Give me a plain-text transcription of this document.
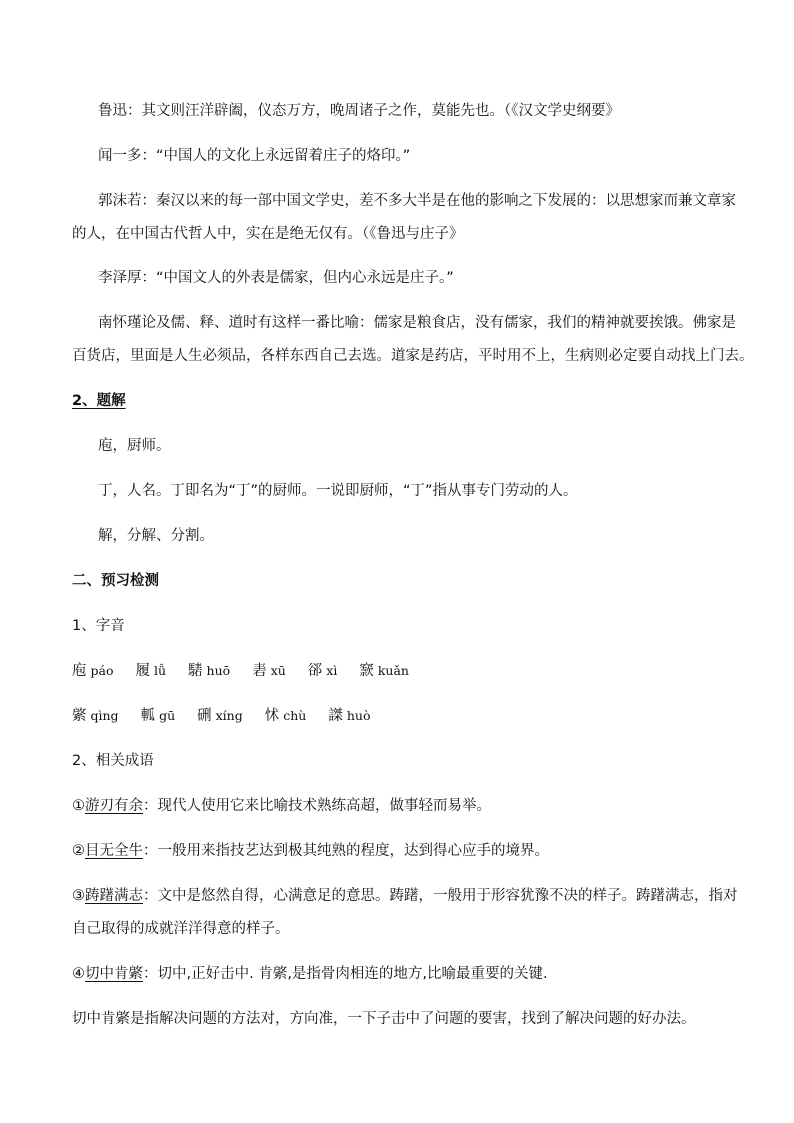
鲁迅：其文则汪洋辟阖，仪态万方，晚周诸子之作，莫能先也。（《汉文学史纲要》
闻一多：“中国人的文化上永远留着庄子的烙印。”
郭沫若：秦汉以来的每一部中国文学史，差不多大半是在他的影响之下发展的：以思想家而兼文章家
的人，在中国古代哲人中，实在是绝无仅有。（《鲁迅与庄子》
李泽厚：“中国文人的外表是儒家，但内心永远是庄子。”
南怀瑾论及儒、释、道时有这样一番比喻：儒家是粮食店，没有儒家，我们的精神就要挨饿。佛家是
百货店，里面是人生必须品，各样东西自己去选。道家是药店，平时用不上，生病则必定要自动找上门去。
2、题解
庖，厨师。
丁，人名。丁即名为“丁”的厨师。一说即厨师，“丁”指从事专门劳动的人。
解，分解、分割。
二、预习检测
1、字音
庖 páo 履 lǚ 騞 huō 砉 xū 郤 xì 窾 kuǎn
綮 qìng 軱 gū 硎 xíng 怵 chù 謋 huò
2、相关成语
①游刃有余：现代人使用它来比喻技术熟练高超，做事轻而易举。
②目无全牛：一般用来指技艺达到极其纯熟的程度，达到得心应手的境界。
③踌躇满志：文中是悠然自得，心满意足的意思。踌躇，一般用于形容犹豫不决的样子。踌躇满志，指对
自己取得的成就洋洋得意的样子。
④切中肯綮：切中,正好击中. 肯綮,是指骨肉相连的地方,比喻最重要的关键.
切中肯綮是指解决问题的方法对，方向准，一下子击中了问题的要害，找到了解决问题的好办法。
